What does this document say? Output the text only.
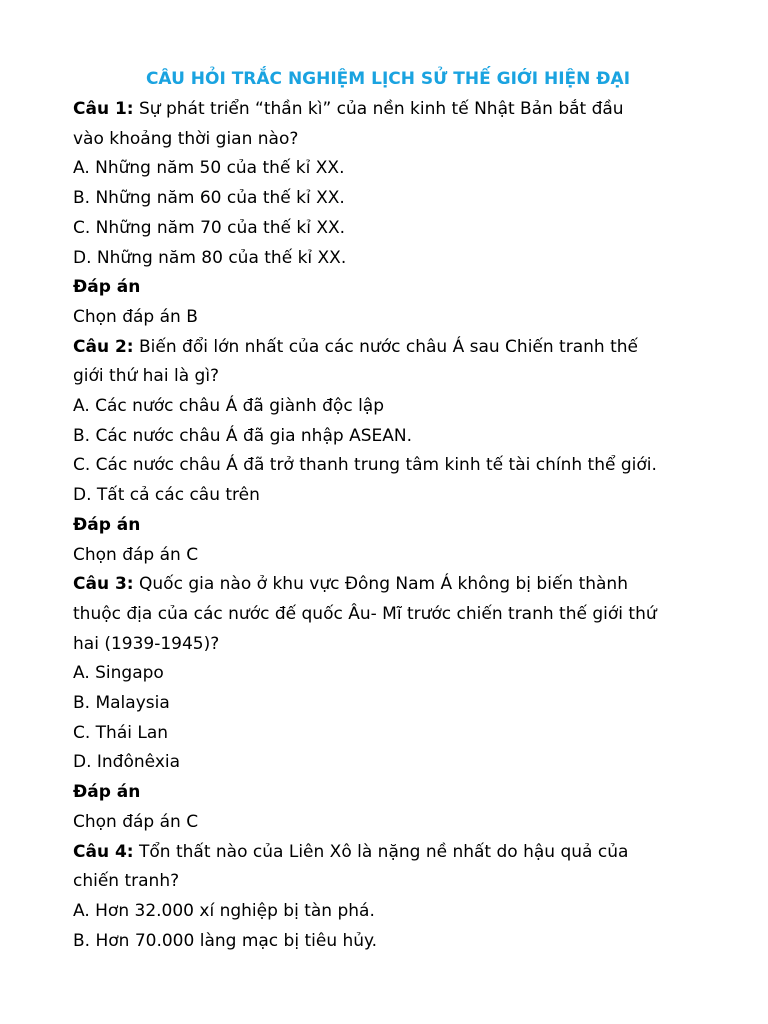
CÂU HỎI TRẮC NGHIỆM LỊCH SỬ THẾ GIỚI HIỆN ĐẠI
Câu 1: Sự phát triển “thần kì” của nền kinh tế Nhật Bản bắt đầu
vào khoảng thời gian nào?
A. Những năm 50 của thế kỉ XX.
B. Những năm 60 của thế kỉ XX.
C. Những năm 70 của thế kỉ XX.
D. Những năm 80 của thế kỉ XX.
Đáp án
Chọn đáp án B
Câu 2: Biến đổi lớn nhất của các nước châu Á sau Chiến tranh thế
giới thứ hai là gì?
A. Các nước châu Á đã giành độc lập
B. Các nước châu Á đã gia nhập ASEAN.
C. Các nước châu Á đã trở thanh trung tâm kinh tế tài chính thể giới.
D. Tất cả các câu trên
Đáp án
Chọn đáp án C
Câu 3: Quốc gia nào ở khu vực Đông Nam Á không bị biến thành
thuộc địa của các nước đế quốc Âu- Mĩ trước chiến tranh thế giới thứ
hai (1939-1945)?
A. Singapo
B. Malaysia
C. Thái Lan
D. Inđônêxia
Đáp án
Chọn đáp án C
Câu 4: Tổn thất nào của Liên Xô là nặng nề nhất do hậu quả của
chiến tranh?
A. Hơn 32.000 xí nghiệp bị tàn phá.
B. Hơn 70.000 làng mạc bị tiêu hủy.
